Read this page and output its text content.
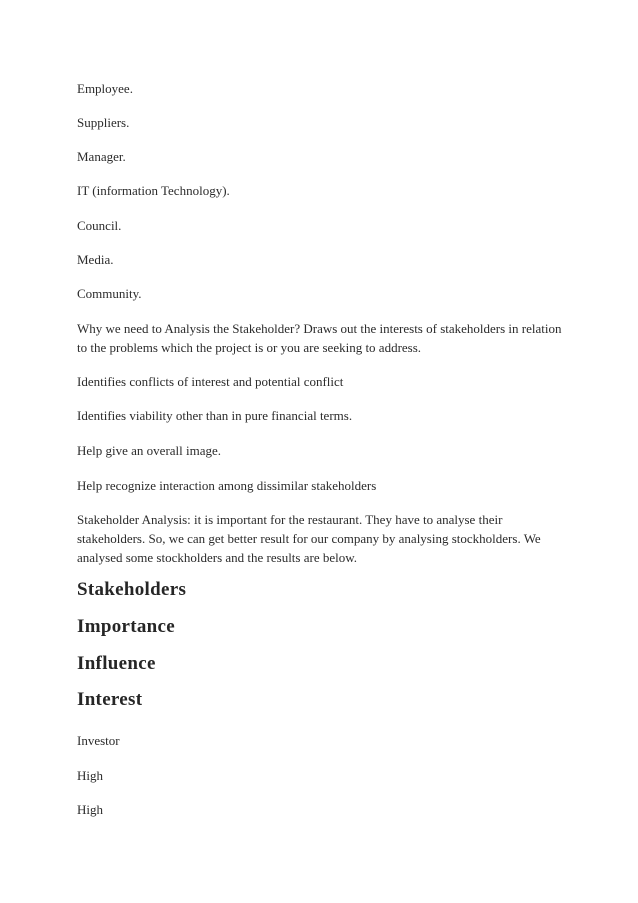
Employee.

Suppliers.

Manager.

IT (information Technology).

Council.

Media.

Community.

Why we need to Analysis the Stakeholder? Draws out the interests of stakeholders in relation to the problems which the project is or you are seeking to address.

Identifies conflicts of interest and potential conflict

Identifies viability other than in pure financial terms.

Help give an overall image.

Help recognize interaction among dissimilar stakeholders

Stakeholder Analysis: it is important for the restaurant. They have to analyse their stakeholders. So, we can get better result for our company by analysing stockholders. We analysed some stockholders and the results are below.

Stakeholders
Importance
Influence
Interest

Investor

High

High
